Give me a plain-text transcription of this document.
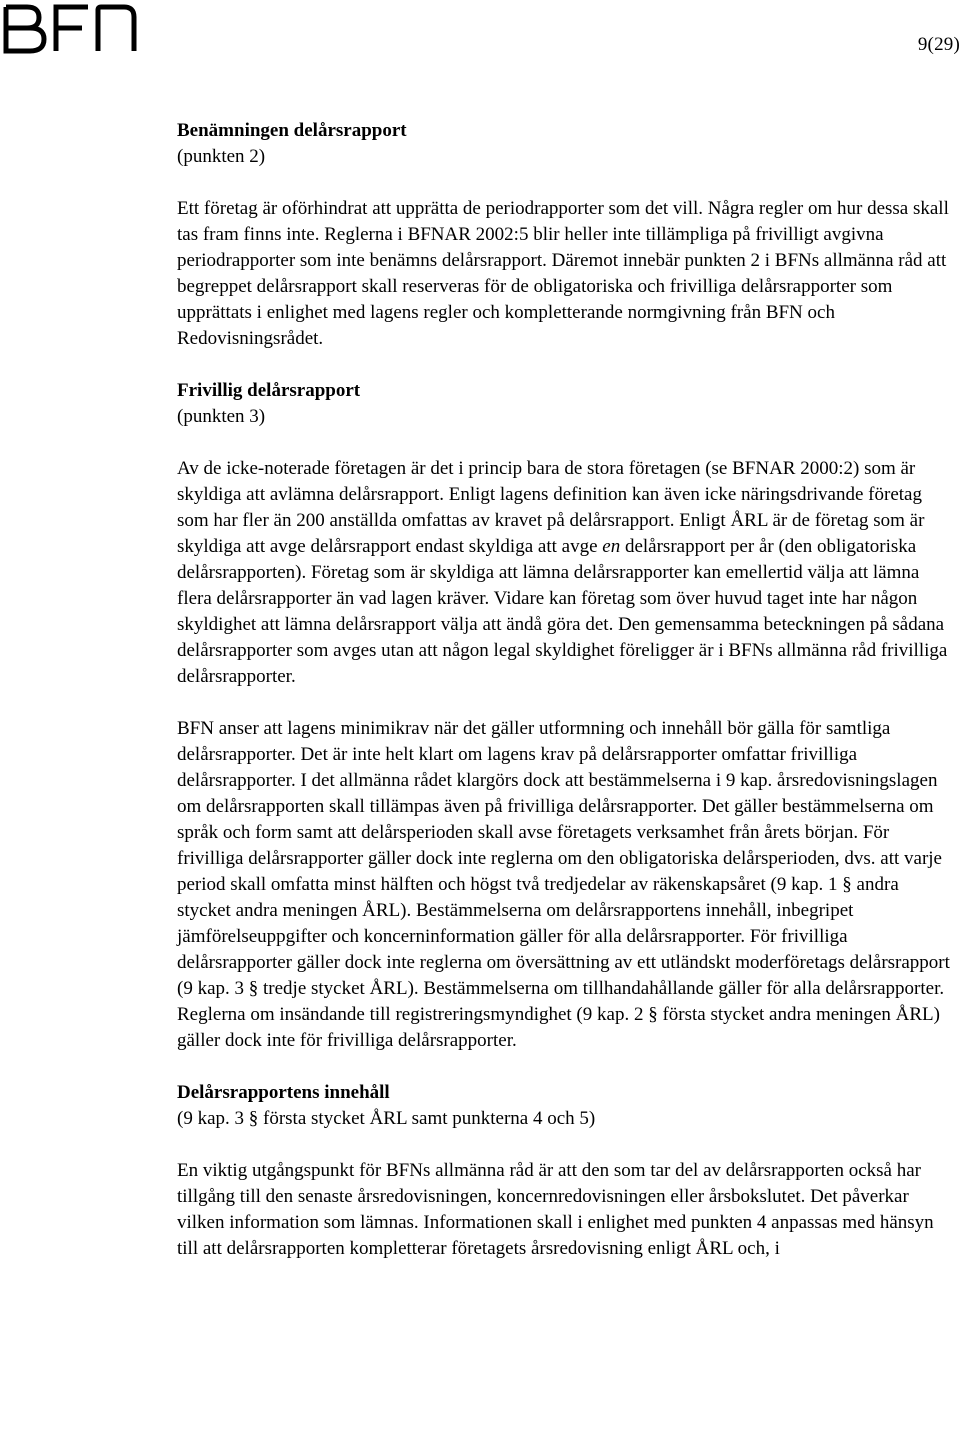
9(29)
Benämningen delårsrapport
(punkten 2)

Ett företag är oförhindrat att upprätta de periodrapporter som det vill. Några regler om hur dessa skall tas fram finns inte. Reglerna i BFNAR 2002:5 blir heller inte tillämpliga på frivilligt avgivna periodrapporter som inte benämns delårsrapport. Däremot innebär punkten 2 i BFNs allmänna råd att begreppet delårsrapport skall reserveras för de obligatoriska och frivilliga delårsrapporter som upprättats i enlighet med lagens regler och kompletterande normgivning från BFN och Redovisningsrådet.

Frivillig delårsrapport
(punkten 3)

Av de icke-noterade företagen är det i princip bara de stora företagen (se BFNAR 2000:2) som är skyldiga att avlämna delårsrapport. Enligt lagens definition kan även icke näringsdrivande företag som har fler än 200 anställda omfattas av kravet på delårsrapport. Enligt ÅRL är de företag som är skyldiga att avge delårsrapport endast skyldiga att avge en delårsrapport per år (den obligatoriska delårsrapporten). Företag som är skyldiga att lämna delårsrapporter kan emellertid välja att lämna flera delårsrapporter än vad lagen kräver. Vidare kan företag som över huvud taget inte har någon skyldighet att lämna delårsrapport välja att ändå göra det. Den gemensamma beteckningen på sådana delårsrapporter som avges utan att någon legal skyldighet föreligger är i BFNs allmänna råd frivilliga delårsrapporter.

BFN anser att lagens minimikrav när det gäller utformning och innehåll bör gälla för samtliga delårsrapporter. Det är inte helt klart om lagens krav på delårsrapporter omfattar frivilliga delårsrapporter. I det allmänna rådet klargörs dock att bestämmelserna i 9 kap. årsredovisningslagen om delårsrapporten skall tillämpas även på frivilliga delårsrapporter. Det gäller bestämmelserna om språk och form samt att delårsperioden skall avse företagets verksamhet från årets början. För frivilliga delårsrapporter gäller dock inte reglerna om den obligatoriska delårsperioden, dvs. att varje period skall omfatta minst hälften och högst två tredjedelar av räkenskapsåret (9 kap. 1 § andra stycket andra meningen ÅRL). Bestämmelserna om delårsrapportens innehåll, inbegripet jämförelseuppgifter och koncerninformation gäller för alla delårsrapporter. För frivilliga delårsrapporter gäller dock inte reglerna om översättning av ett utländskt moderföretags delårsrapport (9 kap. 3 § tredje stycket ÅRL). Bestämmelserna om tillhandahållande gäller för alla delårsrapporter. Reglerna om insändande till registreringsmyndighet (9 kap. 2 § första stycket andra meningen ÅRL) gäller dock inte för frivilliga delårsrapporter.

Delårsrapportens innehåll
(9 kap. 3 § första stycket ÅRL samt punkterna 4 och 5)

En viktig utgångspunkt för BFNs allmänna råd är att den som tar del av delårsrapporten också har tillgång till den senaste årsredovisningen, koncernredovisningen eller årsbokslutet. Det påverkar vilken information som lämnas. Informationen skall i enlighet med punkten 4 anpassas med hänsyn till att delårsrapporten kompletterar företagets årsredovisning enligt ÅRL och, i
